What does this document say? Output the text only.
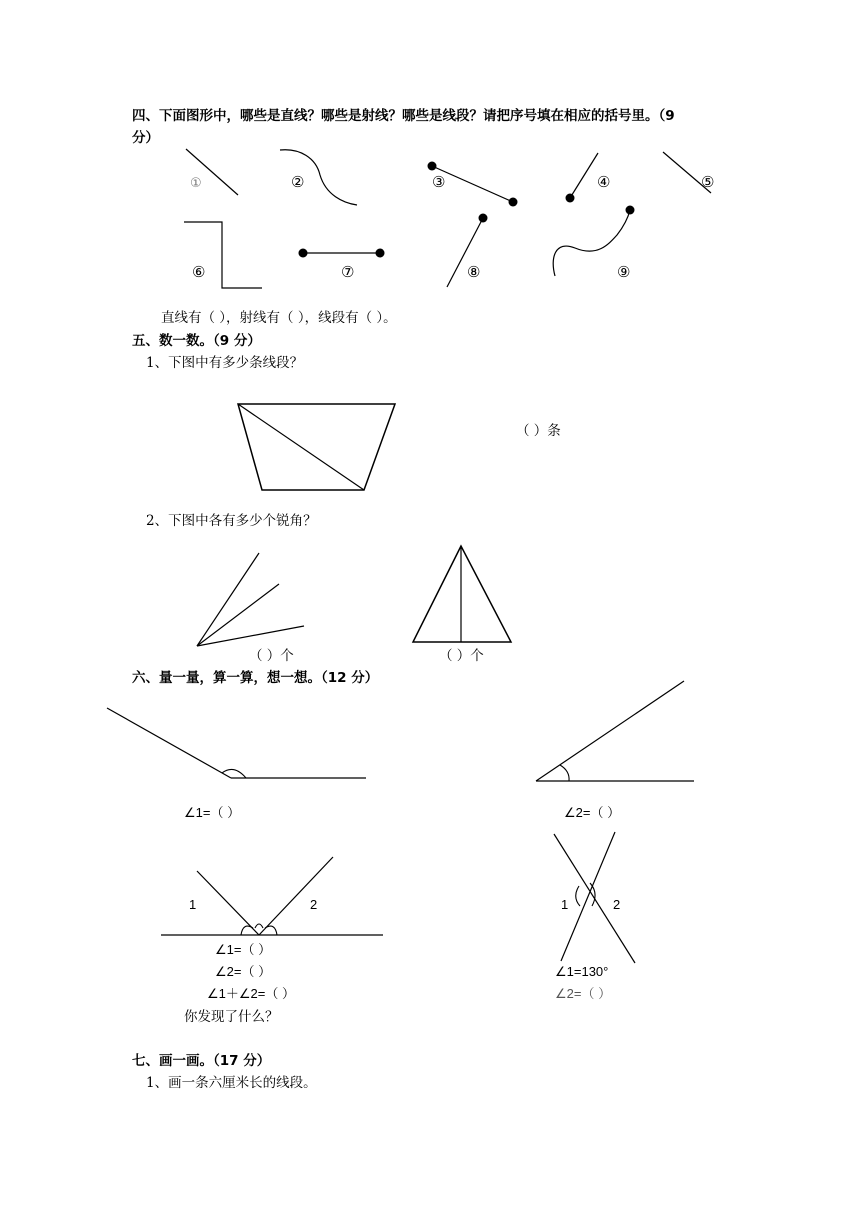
四、下面图形中，哪些是直线？哪些是射线？哪些是线段？请把序号填在相应的括号里。（9
分）
①	②	③	④	⑤
⑥	⑦	⑧	⑨
直线有（ ），射线有（ ），线段有（ ）。
五、数一数。（9 分）
1、下图中有多少条线段？
（ ）条
2、下图中各有多少个锐角？
（ ）个	（ ）个
六、量一量，算一算，想一想。（12 分）
∠1=（ ）	∠2=（ ）
1	2
∠1=（ ）
∠2=（ ）
∠1＋∠2=（ ）
你发现了什么？
1	2
∠1=130°
∠2=（ ）
七、画一画。（17 分）
1、画一条六厘米长的线段。
